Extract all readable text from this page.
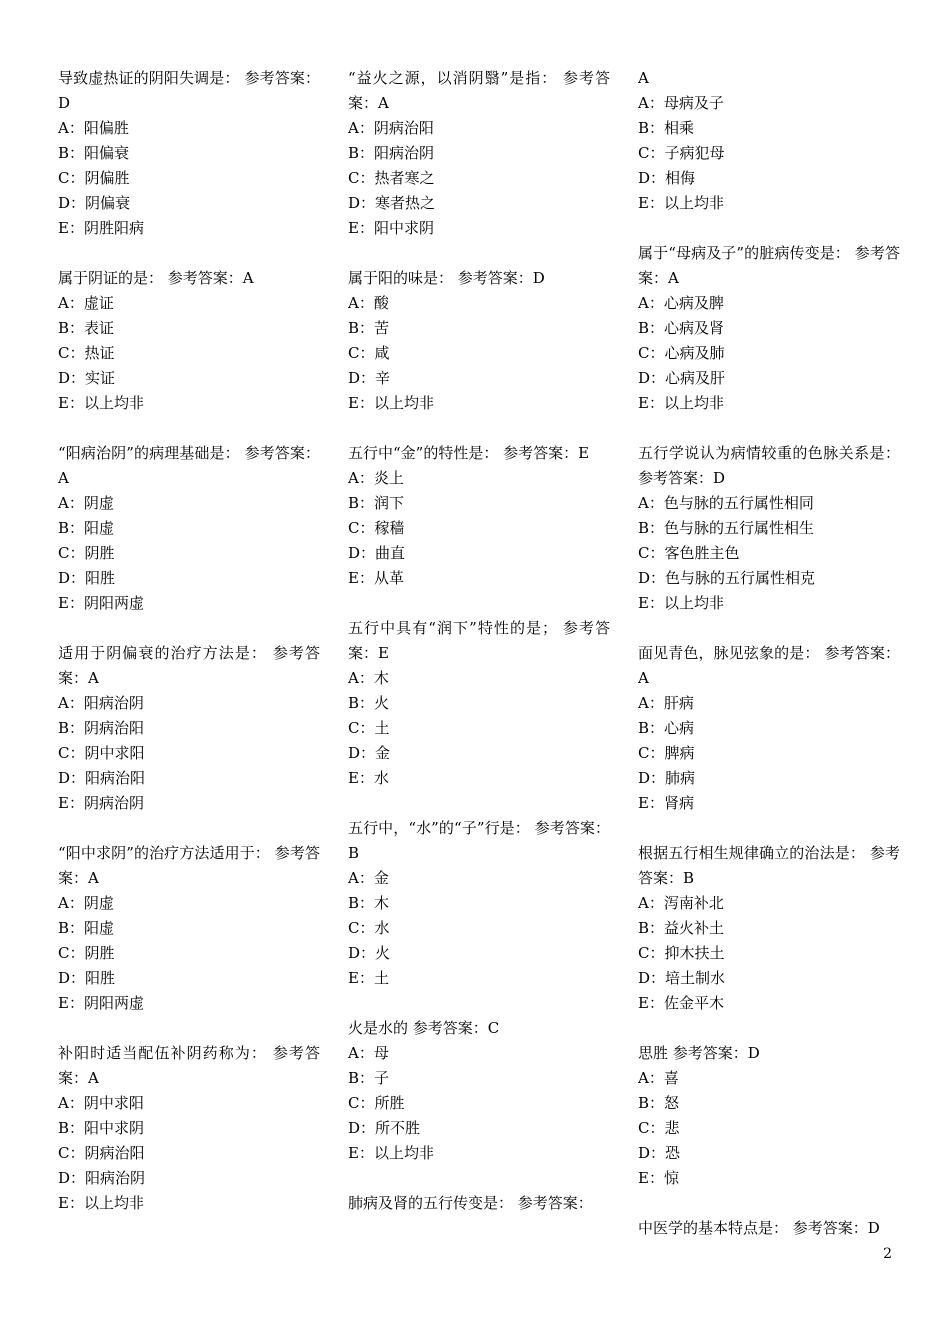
导致虚热证的阴阳失调是： 参考答案：D
A：阳偏胜
B：阳偏衰
C：阴偏胜
D：阴偏衰
E：阴胜阳病
属于阴证的是： 参考答案：A
A：虚证
B：表证
C：热证
D：实证
E：以上均非
“阳病治阴”的病理基础是： 参考答案：A
A：阴虚
B：阳虚
C：阴胜
D：阳胜
E：阴阳两虚
适用于阴偏衰的治疗方法是： 参考答案：A
A：阳病治阴
B：阴病治阳
C：阴中求阳
D：阳病治阳
E：阴病治阴
“阳中求阴”的治疗方法适用于： 参考答案：A
A：阴虚
B：阳虚
C：阴胜
D：阳胜
E：阴阳两虚
补阳时适当配伍补阴药称为： 参考答案：A
A：阴中求阳
B：阳中求阴
C：阴病治阳
D：阳病治阴
E：以上均非
“益火之源，以消阴翳”是指： 参考答案：A
A：阴病治阳
B：阳病治阴
C：热者寒之
D：寒者热之
E：阳中求阴
属于阳的味是： 参考答案：D
A：酸
B：苦
C：咸
D：辛
E：以上均非
五行中“金”的特性是： 参考答案：E
A：炎上
B：润下
C：稼穑
D：曲直
E：从革
五行中具有“润下”特性的是； 参考答案：E
A：木
B：火
C：土
D：金
E：水
五行中，“水”的“子”行是： 参考答案：B
A：金
B：木
C：水
D：火
E：土
火是水的 参考答案：C
A：母
B：子
C：所胜
D：所不胜
E：以上均非
肺病及肾的五行传变是： 参考答案：
A
A：母病及子
B：相乘
C：子病犯母
D：相侮
E：以上均非
属于“母病及子”的脏病传变是： 参考答案：A
A：心病及脾
B：心病及肾
C：心病及肺
D：心病及肝
E：以上均非
五行学说认为病情较重的色脉关系是： 参考答案：D
A：色与脉的五行属性相同
B：色与脉的五行属性相生
C：客色胜主色
D：色与脉的五行属性相克
E：以上均非
面见青色，脉见弦象的是： 参考答案：A
A：肝病
B：心病
C：脾病
D：肺病
E：肾病
根据五行相生规律确立的治法是： 参考答案：B
A：泻南补北
B：益火补土
C：抑木扶土
D：培土制水
E：佐金平木
思胜 参考答案：D
A：喜
B：怒
C：悲
D：恐
E：惊
中医学的基本特点是： 参考答案：D
2
